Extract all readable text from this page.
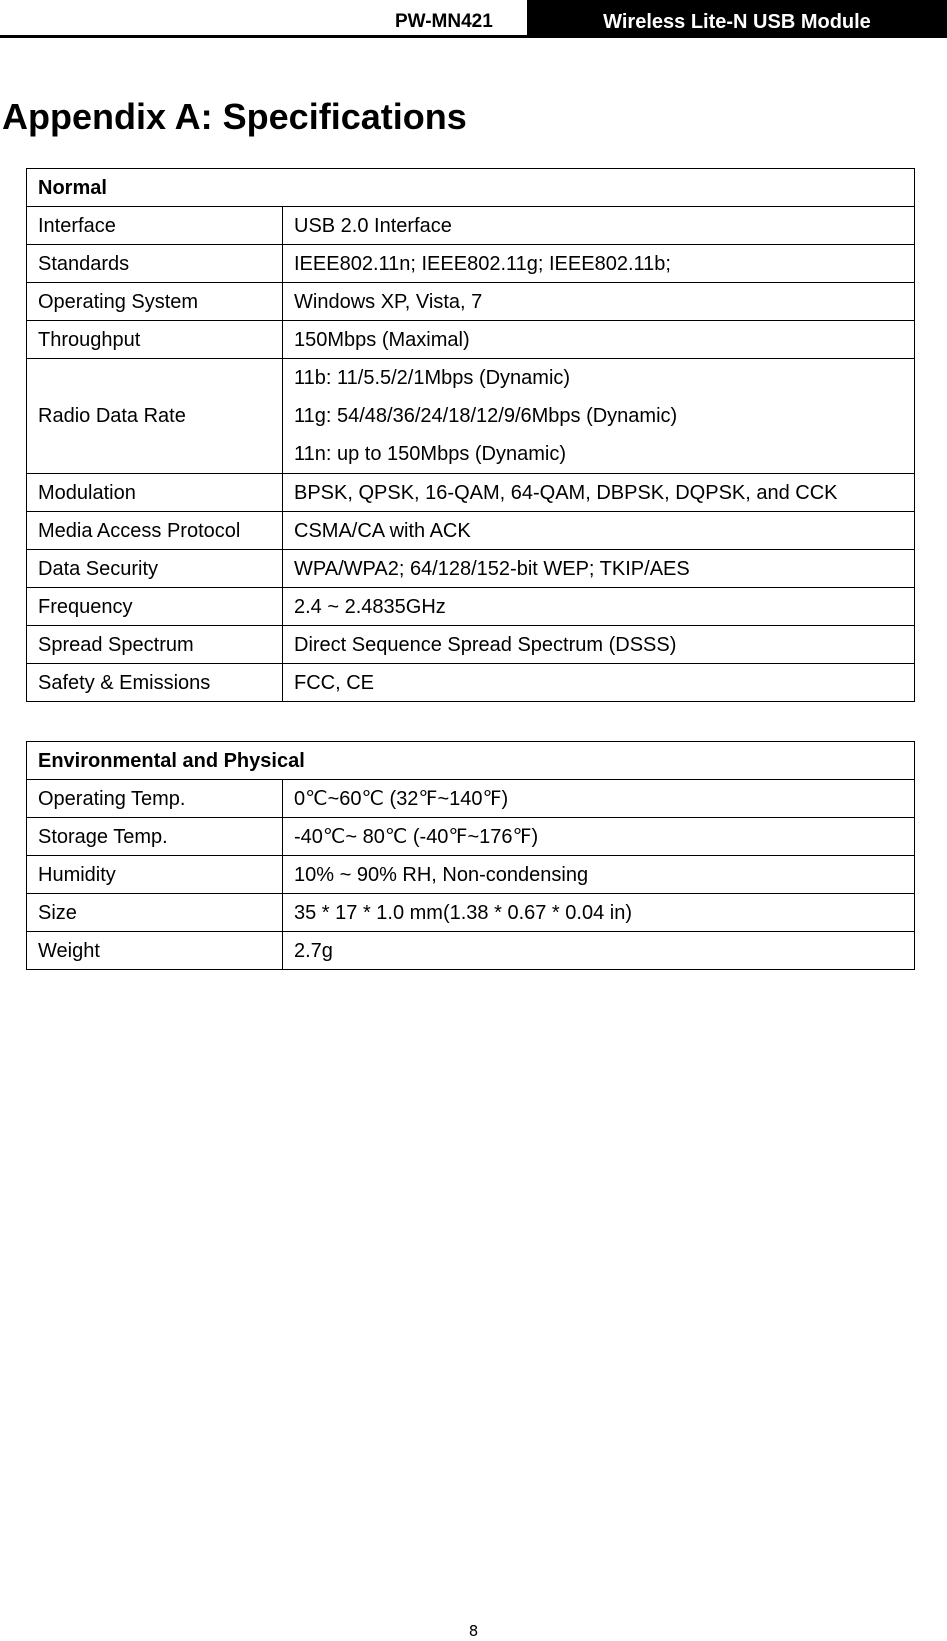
PW-MN421	Wireless Lite-N USB Module
Appendix A: Specifications
Normal	
Interface	USB 2.0 Interface
Standards	IEEE802.11n; IEEE802.11g; IEEE802.11b;
Operating System	Windows XP, Vista, 7
Throughput	150Mbps (Maximal)
Radio Data Rate	11b: 11/5.5/2/1Mbps (Dynamic)
11g: 54/48/36/24/18/12/9/6Mbps (Dynamic)
11n: up to 150Mbps (Dynamic)

Modulation	BPSK, QPSK, 16-QAM, 64-QAM, DBPSK, DQPSK, and CCK
Media Access Protocol	CSMA/CA with ACK
Data Security	WPA/WPA2; 64/128/152-bit WEP; TKIP/AES
Frequency	2.4 ~ 2.4835GHz
Spread Spectrum	Direct Sequence Spread Spectrum (DSSS)
Safety & Emissions	FCC, CE
Environmental and Physical	
Operating Temp.	0℃~60℃ (32℉~140℉)
Storage Temp.	-40℃~ 80℃ (-40℉~176℉)
Humidity	10% ~ 90% RH, Non-condensing
Size	35 * 17 * 1.0 mm(1.38 * 0.67 * 0.04 in)
Weight	2.7g
8
